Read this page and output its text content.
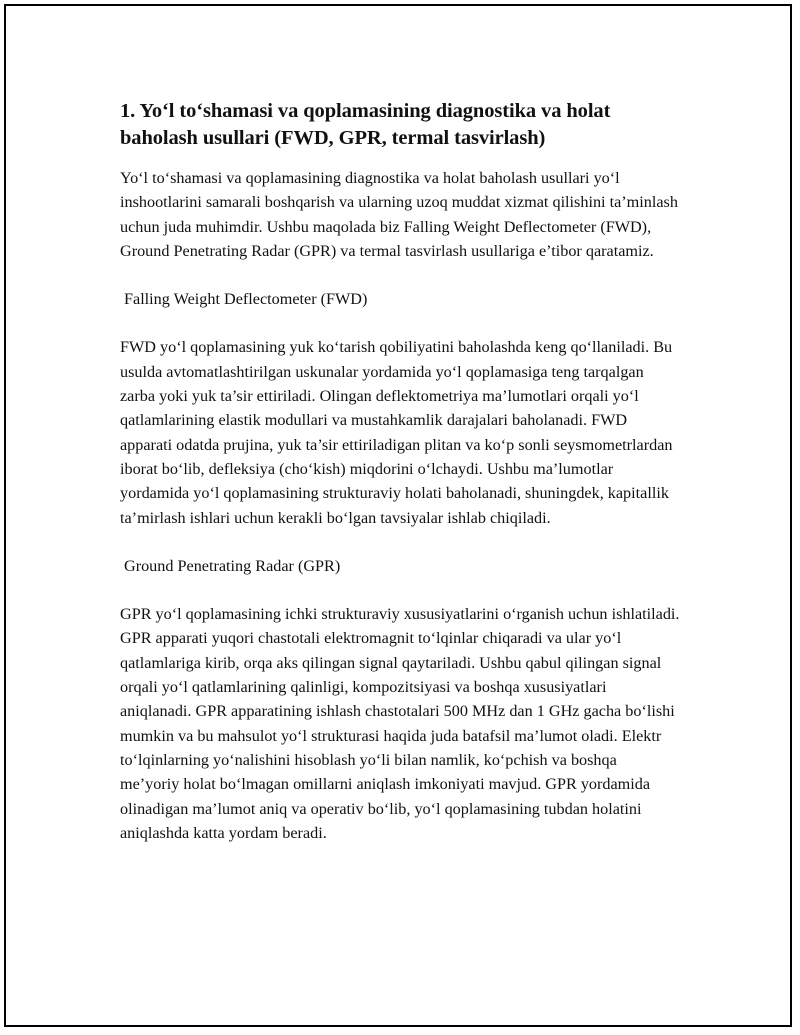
1. Yo‘l to‘shamasi va qoplamasining diagnostika va holat baholash usullari (FWD, GPR, termal tasvirlash)

Yo‘l to‘shamasi va qoplamasining diagnostika va holat baholash usullari yo‘l inshootlarini samarali boshqarish va ularning uzoq muddat xizmat qilishini ta’minlash uchun juda muhimdir. Ushbu maqolada biz Falling Weight Deflectometer (FWD), Ground Penetrating Radar (GPR) va termal tasvirlash usullariga e’tibor qaratamiz.

Falling Weight Deflectometer (FWD)

FWD yo‘l qoplamasining yuk ko‘tarish qobiliyatini baholashda keng qo‘llaniladi. Bu usulda avtomatlashtirilgan uskunalar yordamida yo‘l qoplamasiga teng tarqalgan zarba yoki yuk ta’sir ettiriladi. Olingan deflektometriya ma’lumotlari orqali yo‘l qatlamlarining elastik modullari va mustahkamlik darajalari baholanadi. FWD apparati odatda prujina, yuk ta’sir ettiriladigan plitan va ko‘p sonli seysmometrlardan iborat bo‘lib, defleksiya (cho‘kish) miqdorini o‘lchaydi. Ushbu ma’lumotlar yordamida yo‘l qoplamasining strukturaviy holati baholanadi, shuningdek, kapitallik ta’mirlash ishlari uchun kerakli bo‘lgan tavsiyalar ishlab chiqiladi.

Ground Penetrating Radar (GPR)

GPR yo‘l qoplamasining ichki strukturaviy xususiyatlarini o‘rganish uchun ishlatiladi. GPR apparati yuqori chastotali elektromagnit to‘lqinlar chiqaradi va ular yo‘l qatlamlariga kirib, orqa aks qilingan signal qaytariladi. Ushbu qabul qilingan signal orqali yo‘l qatlamlarining qalinligi, kompozitsiyasi va boshqa xususiyatlari aniqlanadi. GPR apparatining ishlash chastotalari 500 MHz dan 1 GHz gacha bo‘lishi mumkin va bu mahsulot yo‘l strukturasi haqida juda batafsil ma’lumot oladi. Elektr to‘lqinlarning yo‘nalishini hisoblash yo‘li bilan namlik, ko‘pchish va boshqa me’yoriy holat bo‘lmagan omillarni aniqlash imkoniyati mavjud. GPR yordamida olinadigan ma’lumot aniq va operativ bo‘lib, yo‘l qoplamasining tubdan holatini aniqlashda katta yordam beradi.
